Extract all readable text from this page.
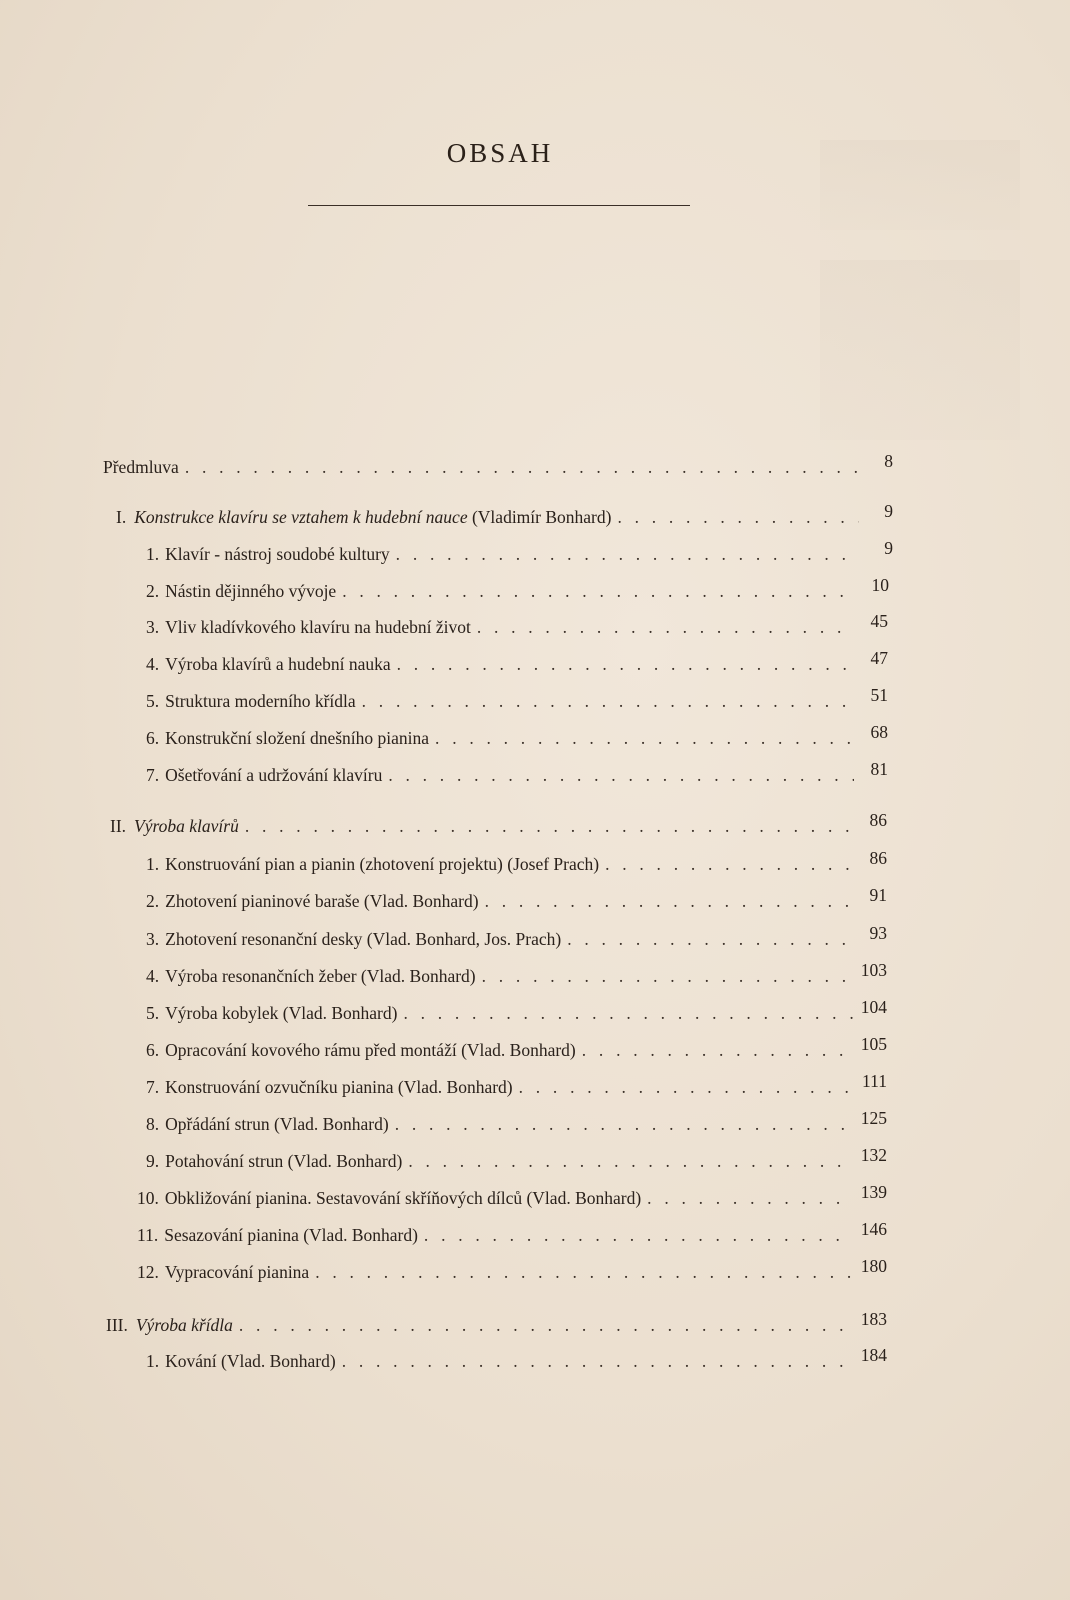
OBSAH
Předmluva . . .	8
I. Konstrukce klavíru se vztahem k hudební nauce (Vladimír Bonhard) . . .	9
1. Klavír - nástroj soudobé kultury . . .	9
2. Nástin dějinného vývoje . . .	10
3. Vliv kladívkového klavíru na hudební život . . .	45
4. Výroba klavírů a hudební nauka . . .	47
5. Struktura moderního křídla . . .	51
6. Konstrukční složení dnešního pianina . . .	68
7. Ošetřování a udržování klavíru . . .	81
II. Výroba klavírů . . .	86
1. Konstruování pian a pianin (zhotovení projektu) (Josef Prach) . . .	86
2. Zhotovení pianinové baraše (Vlad. Bonhard) . . .	91
3. Zhotovení resonanční desky (Vlad. Bonhard, Jos. Prach) . . .	93
4. Výroba resonančních žeber (Vlad. Bonhard) . . .	103
5. Výroba kobylek (Vlad. Bonhard) . . .	104
6. Opracování kovového rámu před montáží (Vlad. Bonhard) . . .	105
7. Konstruování ozvučníku pianina (Vlad. Bonhard) . . .	111
8. Opřádání strun (Vlad. Bonhard) . . .	125
9. Potahování strun (Vlad. Bonhard) . . .	132
10. Obkližování pianina. Sestavování skříňových dílců (Vlad. Bonhard) . . .	139
11. Sesazování pianina (Vlad. Bonhard) . . .	146
12. Vypracování pianina . . .	180
III. Výroba křídla . . .	183
1. Kování (Vlad. Bonhard) . . .	184
